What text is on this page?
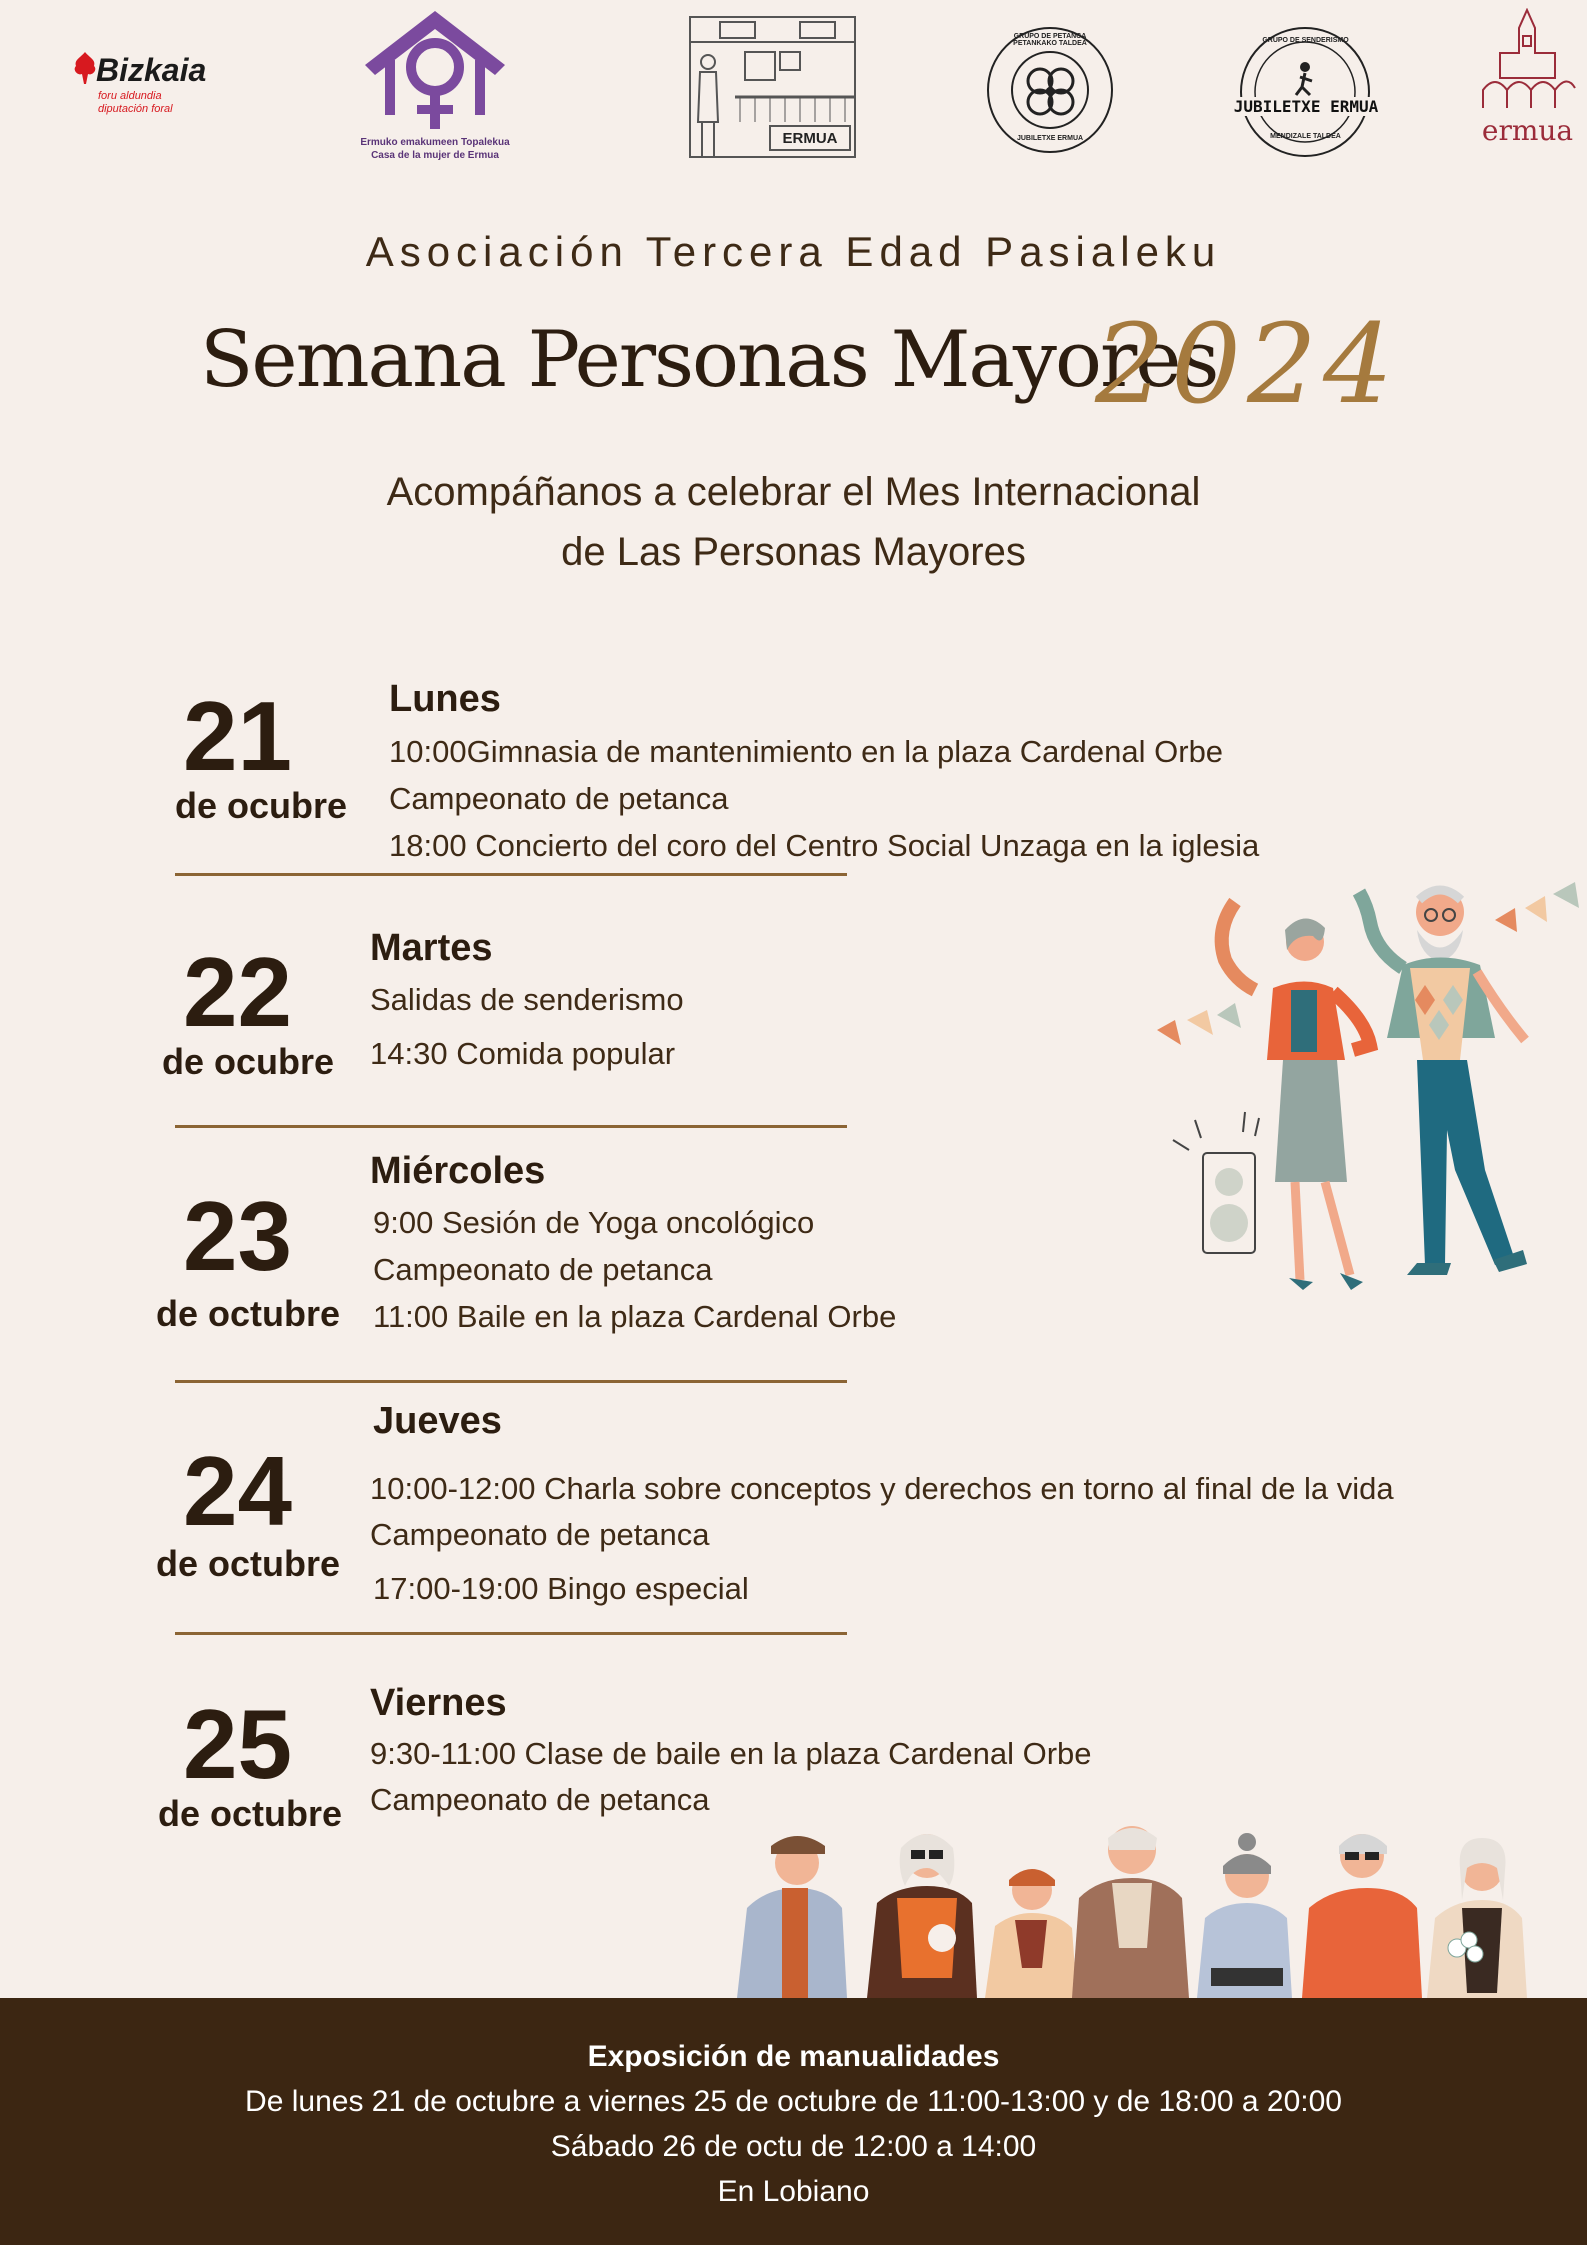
Bizkaia
foru aldundia
diputación foral
Ermuko emakumeen Topalekua
Casa de la mujer de Ermua
ERMUA
GRUPO DE PETANCA PETANKAKO TALDEA
JUBILETXE ERMUA
GRUPO DE SENDERISMO
JUBILETXE ERMUA
MENDIZALE TALDEA	ermua
Asociación Tercera Edad Pasialeku
Semana Personas Mayores
2024
Acompáñanos a celebrar el Mes Internacional
de Las Personas Mayores
21
de ocubre
Lunes
10:00Gimnasia de mantenimiento en la plaza Cardenal Orbe
Campeonato de petanca
18:00 Concierto del coro del Centro Social Unzaga en la iglesia
22
de ocubre
Martes
Salidas de senderismo
14:30 Comida popular
23
de octubre
Miércoles
9:00 Sesión de Yoga oncológico
Campeonato de petanca
11:00 Baile en la plaza Cardenal Orbe
24
de octubre
Jueves
10:00-12:00 Charla sobre conceptos y derechos en torno al final de la vida
Campeonato de petanca
17:00-19:00 Bingo especial
25
de octubre
Viernes
9:30-11:00 Clase de baile en la plaza Cardenal Orbe
Campeonato de petanca
Exposición de manualidades
De lunes 21 de octubre a viernes 25 de octubre de 11:00-13:00 y de 18:00 a 20:00
Sábado 26 de octu de 12:00 a 14:00
En Lobiano
